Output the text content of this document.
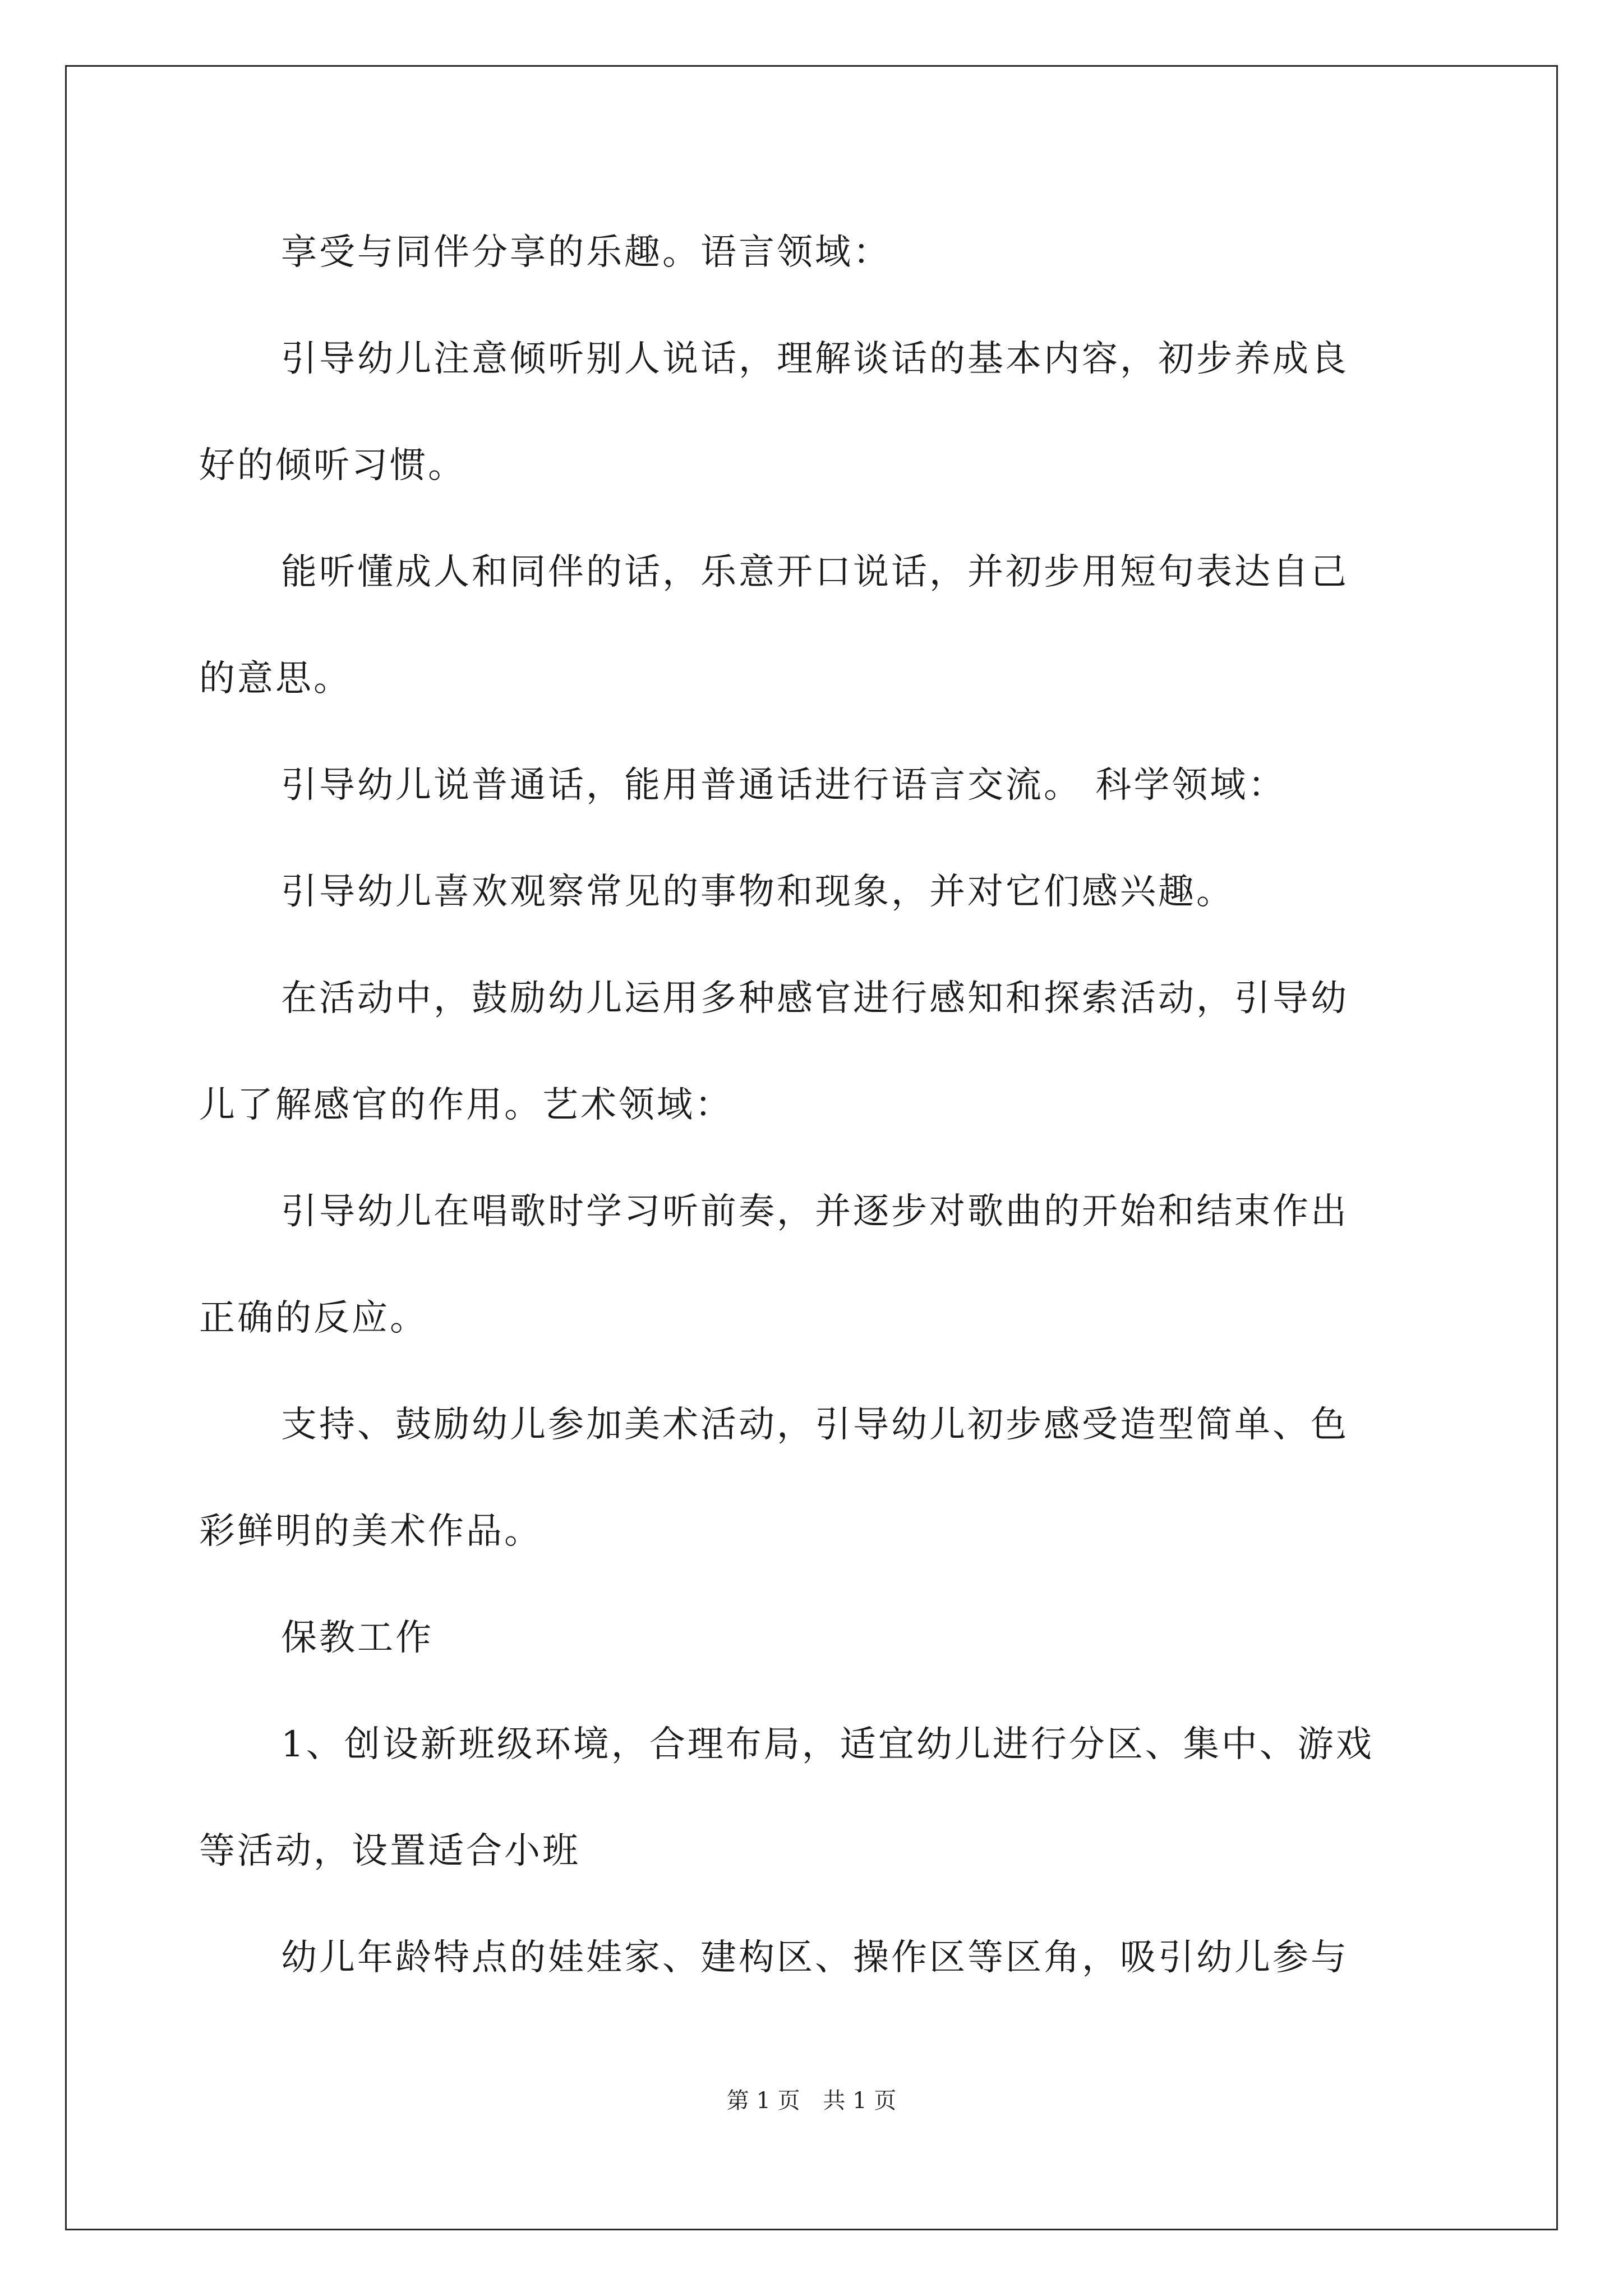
享受与同伴分享的乐趣。语言领域：
引导幼儿注意倾听别人说话，理解谈话的基本内容，初步养成良
好的倾听习惯。
能听懂成人和同伴的话，乐意开口说话，并初步用短句表达自己
的意思。
引导幼儿说普通话，能用普通话进行语言交流。 科学领域：
引导幼儿喜欢观察常见的事物和现象，并对它们感兴趣。
在活动中，鼓励幼儿运用多种感官进行感知和探索活动，引导幼
儿了解感官的作用。艺术领域：
引导幼儿在唱歌时学习听前奏，并逐步对歌曲的开始和结束作出
正确的反应。
支持、鼓励幼儿参加美术活动，引导幼儿初步感受造型简单、色
彩鲜明的美术作品。
保教工作
1、创设新班级环境，合理布局，适宜幼儿进行分区、集中、游戏
等活动，设置适合小班
幼儿年龄特点的娃娃家、建构区、操作区等区角，吸引幼儿参与
第 1 页 共 1 页
